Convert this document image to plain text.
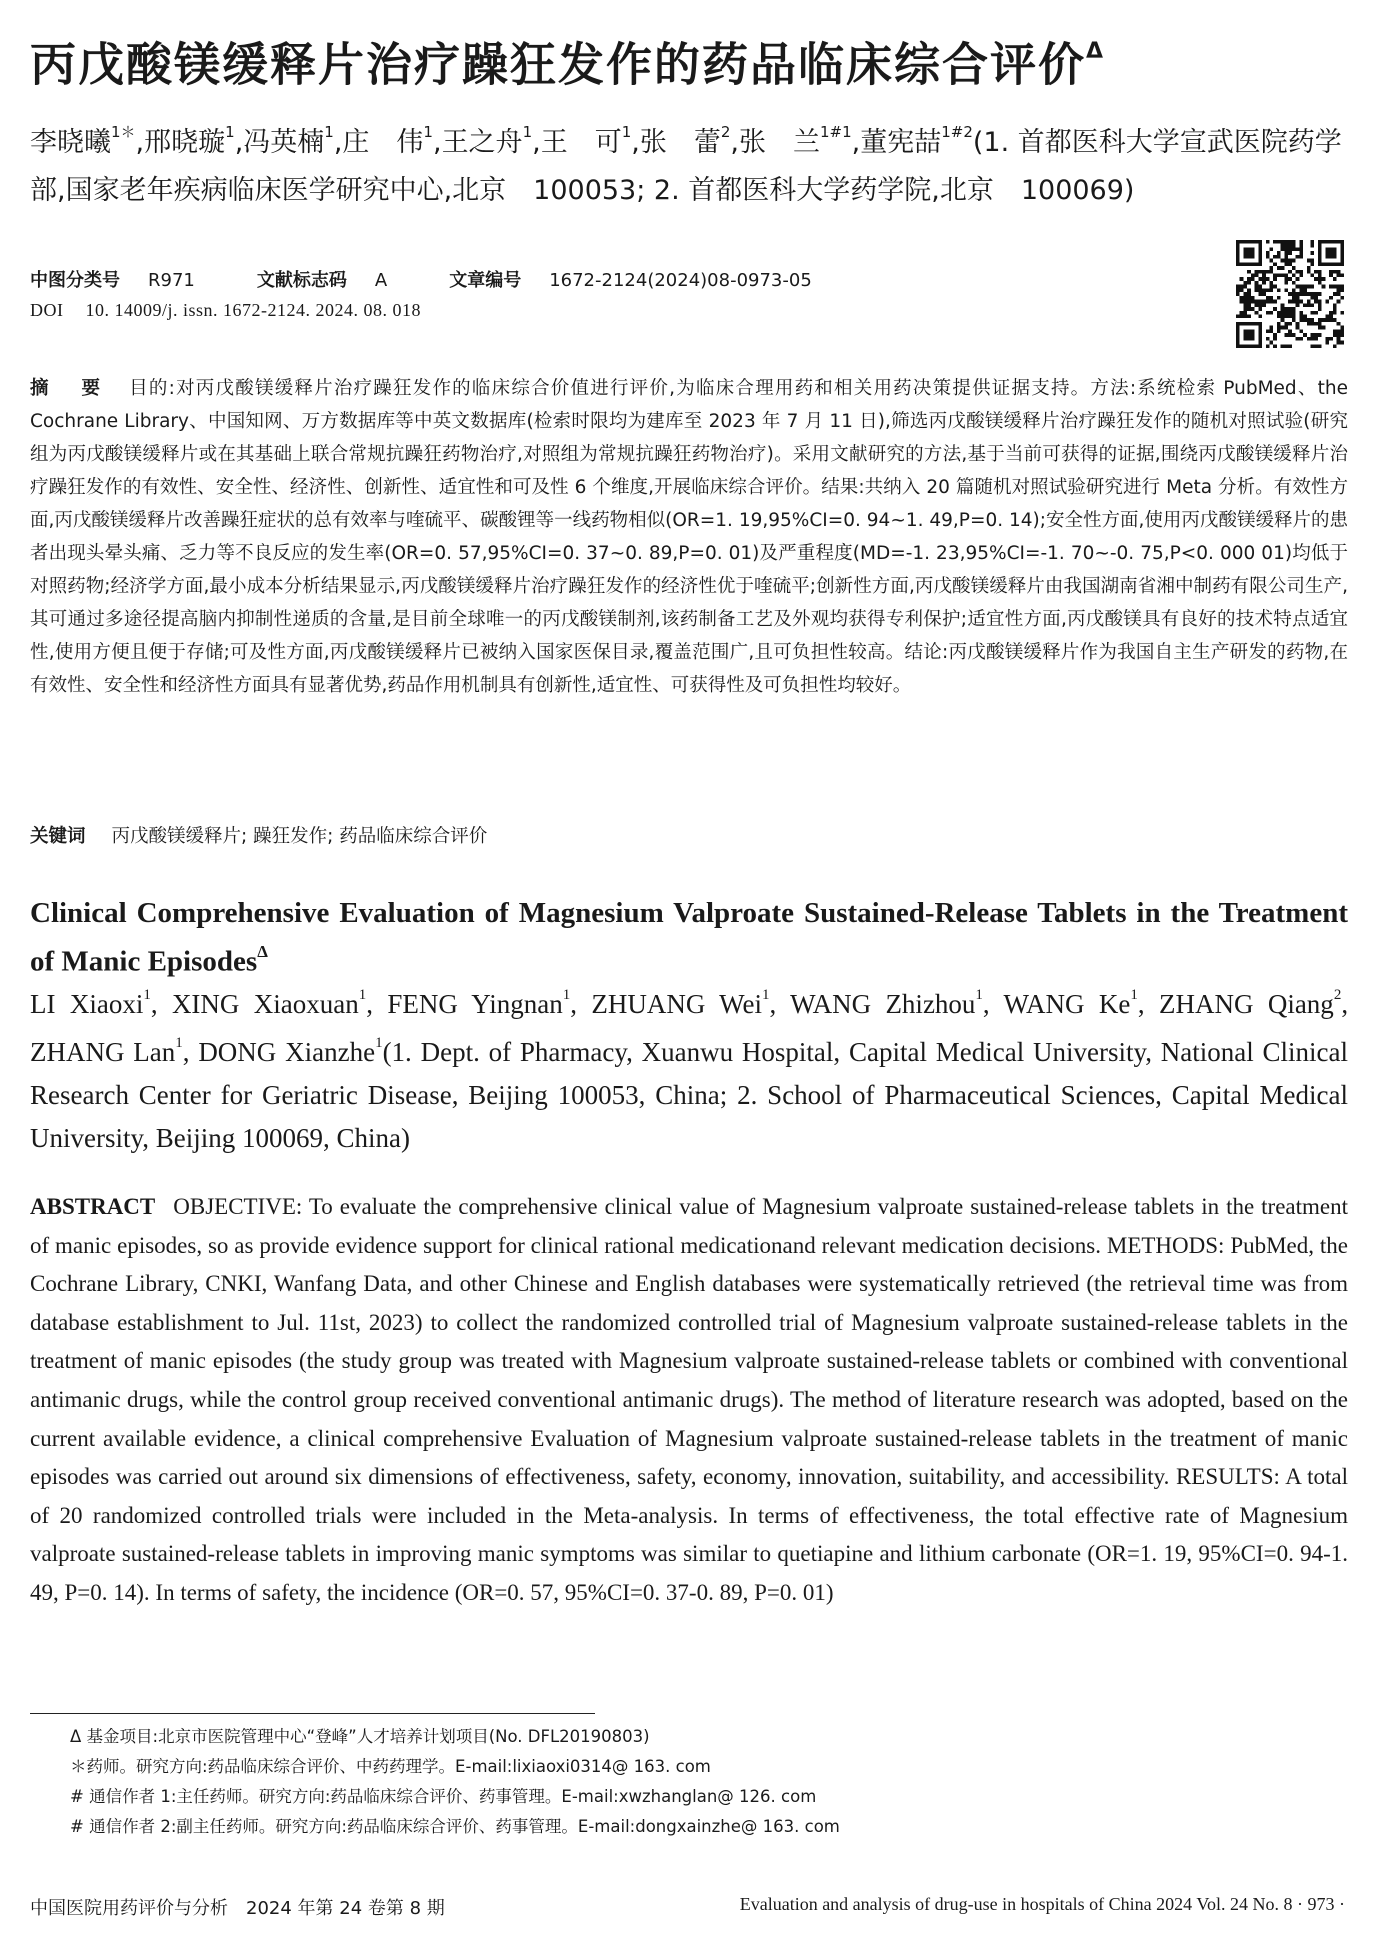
丙戊酸镁缓释片治疗躁狂发作的药品临床综合评价$^\Delta$
李晓曦$^{1*}$,邢晓璇$^1$,冯英楠$^1$,庄　伟$^1$,王之舟$^1$,王　可$^1$,张　蕾$^2$,张　兰$^{1\#1}$,董宪喆$^{1\#2}$(1. 首都医科大学宣武医院药学部,国家老年疾病临床医学研究中心,北京　100053; 2. 首都医科大学药学院,北京　100069)
中图分类号 R971	文献标志码 A	文章编号 1672-2124(2024)08-0973-05
DOI 10. 14009/j. issn. 1672-2124. 2024. 08. 018
摘　要 目的:对丙戊酸镁缓释片治疗躁狂发作的临床综合价值进行评价,为临床合理用药和相关用药决策提供证据支持。方法:系统检索 PubMed、the Cochrane Library、中国知网、万方数据库等中英文数据库(检索时限均为建库至 2023 年 7 月 11 日),筛选丙戊酸镁缓释片治疗躁狂发作的随机对照试验(研究组为丙戊酸镁缓释片或在其基础上联合常规抗躁狂药物治疗,对照组为常规抗躁狂药物治疗)。采用文献研究的方法,基于当前可获得的证据,围绕丙戊酸镁缓释片治疗躁狂发作的有效性、安全性、经济性、创新性、适宜性和可及性 6 个维度,开展临床综合评价。结果:共纳入 20 篇随机对照试验研究进行 Meta 分析。有效性方面,丙戊酸镁缓释片改善躁狂症状的总有效率与喹硫平、碳酸锂等一线药物相似(OR=1. 19,95%CI=0. 94~1. 49,P=0. 14);安全性方面,使用丙戊酸镁缓释片的患者出现头晕头痛、乏力等不良反应的发生率(OR=0. 57,95%CI=0. 37~0. 89,P=0. 01)及严重程度(MD=-1. 23,95%CI=-1. 70~-0. 75,P<0. 000 01)均低于对照药物;经济学方面,最小成本分析结果显示,丙戊酸镁缓释片治疗躁狂发作的经济性优于喹硫平;创新性方面,丙戊酸镁缓释片由我国湖南省湘中制药有限公司生产,其可通过多途径提高脑内抑制性递质的含量,是目前全球唯一的丙戊酸镁制剂,该药制备工艺及外观均获得专利保护;适宜性方面,丙戊酸镁具有良好的技术特点适宜性,使用方便且便于存储;可及性方面,丙戊酸镁缓释片已被纳入国家医保目录,覆盖范围广,且可负担性较高。结论:丙戊酸镁缓释片作为我国自主生产研发的药物,在有效性、安全性和经济性方面具有显著优势,药品作用机制具有创新性,适宜性、可获得性及可负担性均较好。
关键词 丙戊酸镁缓释片; 躁狂发作; 药品临床综合评价
Clinical Comprehensive Evaluation of Magnesium Valproate Sustained-Release Tablets in the Treatment of Manic Episodes$^\Delta$
LI Xiaoxi$^1$, XING Xiaoxuan$^1$, FENG Yingnan$^1$, ZHUANG Wei$^1$, WANG Zhizhou$^1$, WANG Ke$^1$, ZHANG Qiang$^2$, ZHANG Lan$^1$, DONG Xianzhe$^1$(1. Dept. of Pharmacy, Xuanwu Hospital, Capital Medical University, National Clinical Research Center for Geriatric Disease, Beijing 100053, China; 2. School of Pharmaceutical Sciences, Capital Medical University, Beijing 100069, China)
ABSTRACT OBJECTIVE: To evaluate the comprehensive clinical value of Magnesium valproate sustained-release tablets in the treatment of manic episodes, so as provide evidence support for clinical rational medicationand relevant medication decisions. METHODS: PubMed, the Cochrane Library, CNKI, Wanfang Data, and other Chinese and English databases were systematically retrieved (the retrieval time was from database establishment to Jul. 11st, 2023) to collect the randomized controlled trial of Magnesium valproate sustained-release tablets in the treatment of manic episodes (the study group was treated with Magnesium valproate sustained-release tablets or combined with conventional antimanic drugs, while the control group received conventional antimanic drugs). The method of literature research was adopted, based on the current available evidence, a clinical comprehensive Evaluation of Magnesium valproate sustained-release tablets in the treatment of manic episodes was carried out around six dimensions of effectiveness, safety, economy, innovation, suitability, and accessibility. RESULTS: A total of 20 randomized controlled trials were included in the Meta-analysis. In terms of effectiveness, the total effective rate of Magnesium valproate sustained-release tablets in improving manic symptoms was similar to quetiapine and lithium carbonate (OR=1. 19, 95%CI=0. 94-1. 49, P=0. 14). In terms of safety, the incidence (OR=0. 57, 95%CI=0. 37-0. 89, P=0. 01)
Δ 基金项目:北京市医院管理中心“登峰”人才培养计划项目(No. DFL20190803)
＊药师。研究方向:药品临床综合评价、中药药理学。E-mail:lixiaoxi0314@ 163. com
# 通信作者 1:主任药师。研究方向:药品临床综合评价、药事管理。E-mail:xwzhanglan@ 126. com
# 通信作者 2:副主任药师。研究方向:药品临床综合评价、药事管理。E-mail:dongxainzhe@ 163. com
中国医院用药评价与分析　2024 年第 24 卷第 8 期	Evaluation and analysis of drug-use in hospitals of China 2024 Vol. 24 No. 8 · 973 ·
